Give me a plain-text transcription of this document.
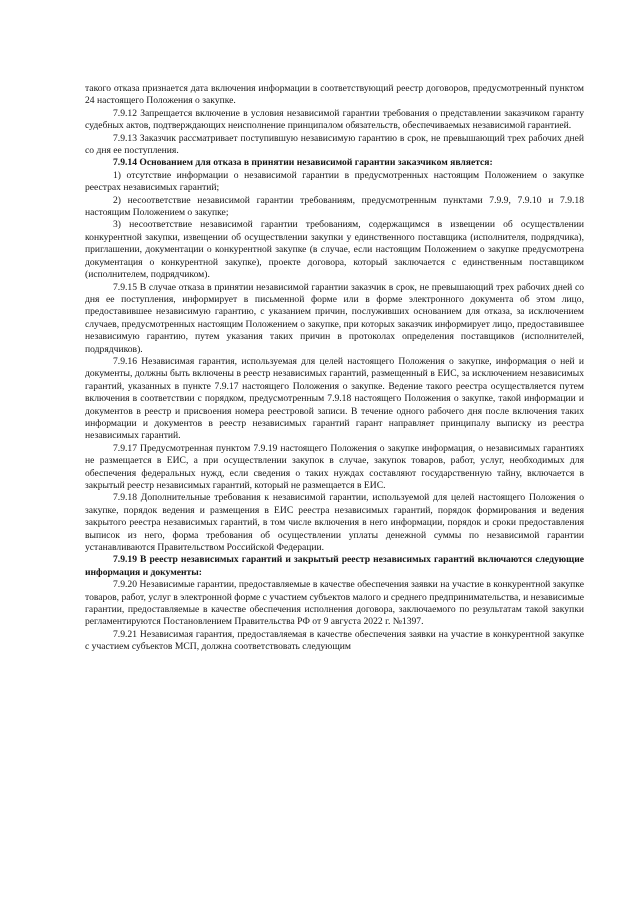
такого отказа признается дата включения информации в соответствующий реестр договоров, предусмотренный пунктом 24 настоящего Положения о закупке.

7.9.12 Запрещается включение в условия независимой гарантии требования о представлении заказчиком гаранту судебных актов, подтверждающих неисполнение принципалом обязательств, обеспечиваемых независимой гарантией.

7.9.13 Заказчик рассматривает поступившую независимую гарантию в срок, не превышающий трех рабочих дней со дня ее поступления.

7.9.14 Основанием для отказа в принятии независимой гарантии заказчиком является:

1) отсутствие информации о независимой гарантии в предусмотренных настоящим Положением о закупке реестрах независимых гарантий;

2) несоответствие независимой гарантии требованиям, предусмотренным пунктами 7.9.9, 7.9.10 и 7.9.18 настоящим Положением о закупке;

3) несоответствие независимой гарантии требованиям, содержащимся в извещении об осуществлении конкурентной закупки, извещении об осуществлении закупки у единственного поставщика (исполнителя, подрядчика), приглашении, документации о конкурентной закупке (в случае, если настоящим Положением о закупке предусмотрена документация о конкурентной закупке), проекте договора, который заключается с единственным поставщиком (исполнителем, подрядчиком).

7.9.15 В случае отказа в принятии независимой гарантии заказчик в срок, не превышающий трех рабочих дней со дня ее поступления, информирует в письменной форме или в форме электронного документа об этом лицо, предоставившее независимую гарантию, с указанием причин, послуживших основанием для отказа, за исключением случаев, предусмотренных настоящим Положением о закупке, при которых заказчик информирует лицо, предоставившее независимую гарантию, путем указания таких причин в протоколах определения поставщиков (исполнителей, подрядчиков).

7.9.16 Независимая гарантия, используемая для целей настоящего Положения о закупке, информация о ней и документы, должны быть включены в реестр независимых гарантий, размещенный в ЕИС, за исключением независимых гарантий, указанных в пункте 7.9.17 настоящего Положения о закупке. Ведение такого реестра осуществляется путем включения в соответствии с порядком, предусмотренным 7.9.18 настоящего Положения о закупке, такой информации и документов в реестр и присвоения номера реестровой записи. В течение одного рабочего дня после включения таких информации и документов в реестр независимых гарантий гарант направляет принципалу выписку из реестра независимых гарантий.

7.9.17 Предусмотренная пунктом 7.9.19 настоящего Положения о закупке информация, о независимых гарантиях не размещается в ЕИС, а при осуществлении закупок в случае, закупок товаров, работ, услуг, необходимых для обеспечения федеральных нужд, если сведения о таких нуждах составляют государственную тайну, включается в закрытый реестр независимых гарантий, который не размещается в ЕИС.

7.9.18 Дополнительные требования к независимой гарантии, используемой для целей настоящего Положения о закупке, порядок ведения и размещения в ЕИС реестра независимых гарантий, порядок формирования и ведения закрытого реестра независимых гарантий, в том числе включения в него информации, порядок и сроки предоставления выписок из него, форма требования об осуществлении уплаты денежной суммы по независимой гарантии устанавливаются Правительством Российской Федерации.

7.9.19 В реестр независимых гарантий и закрытый реестр независимых гарантий включаются следующие информация и документы:

7.9.20 Независимые гарантии, предоставляемые в качестве обеспечения заявки на участие в конкурентной закупке товаров, работ, услуг в электронной форме с участием субъектов малого и среднего предпринимательства, и независимые гарантии, предоставляемые в качестве обеспечения исполнения договора, заключаемого по результатам такой закупки регламентируются Постановлением Правительства РФ от 9 августа 2022 г. №1397.

7.9.21 Независимая гарантия, предоставляемая в качестве обеспечения заявки на участие в конкурентной закупке с участием субъектов МСП, должна соответствовать следующим
